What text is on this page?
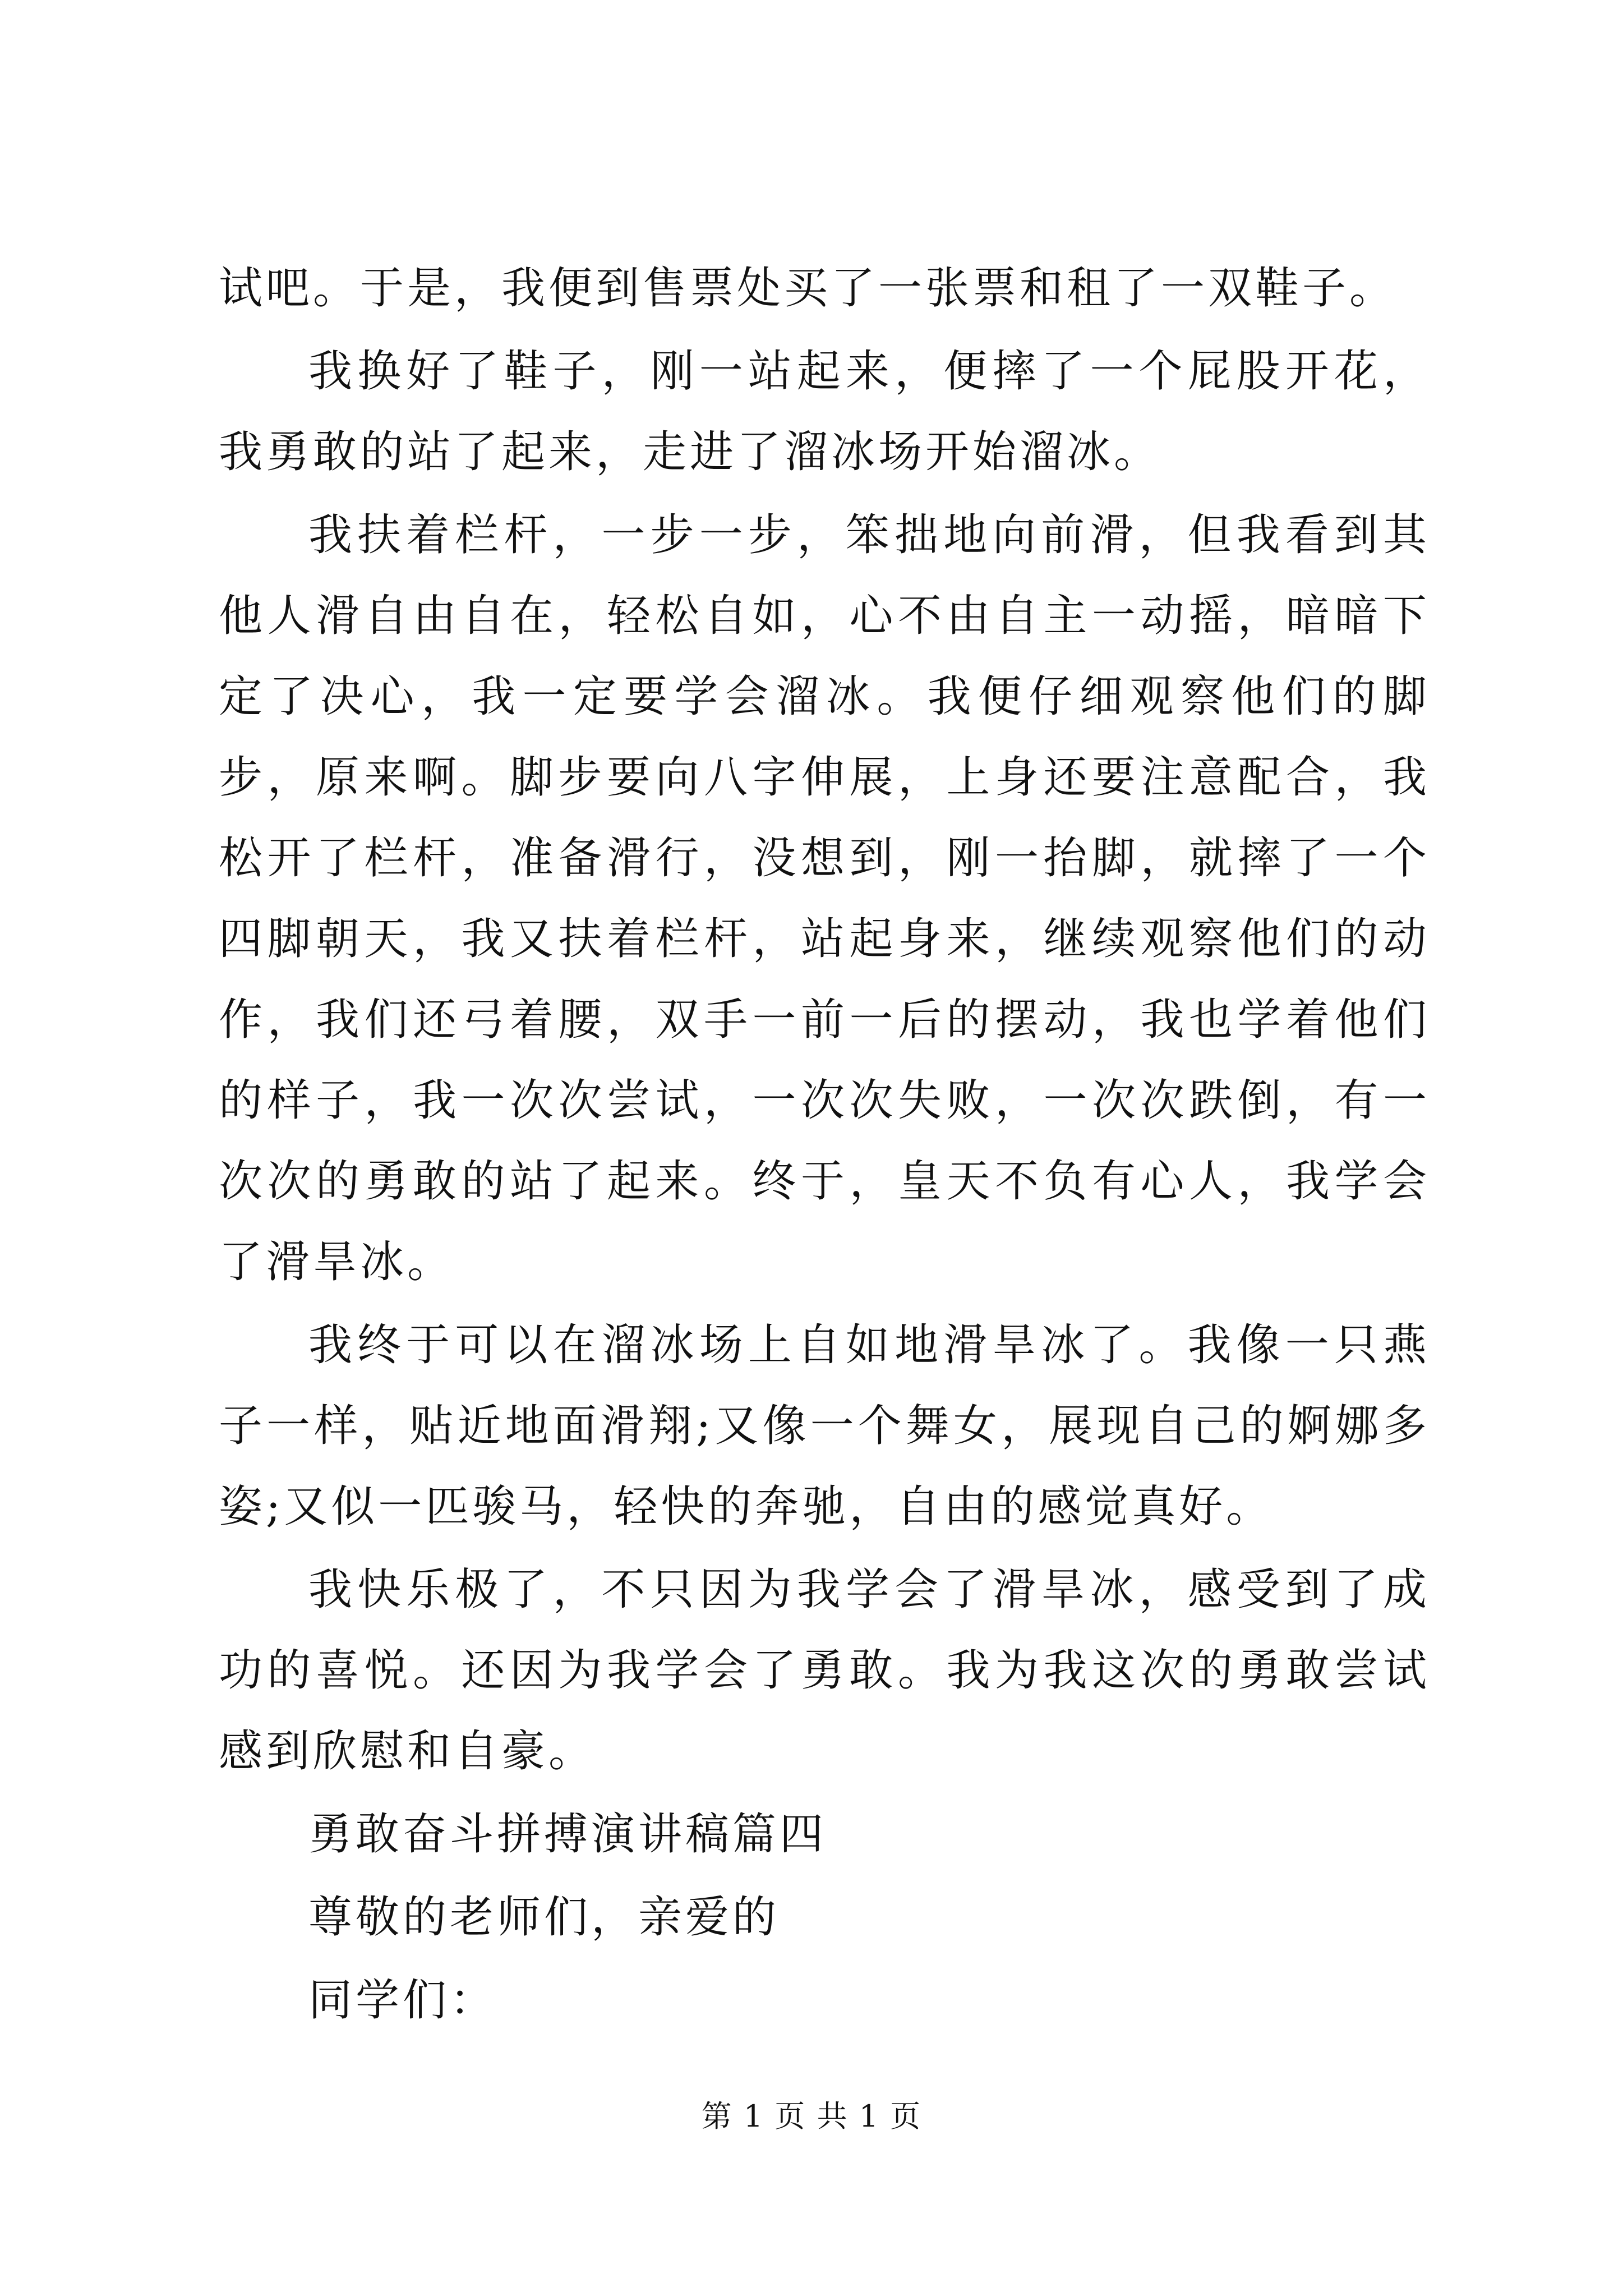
试吧。于是，我便到售票处买了一张票和租了一双鞋子。

我换好了鞋子，刚一站起来，便摔了一个屁股开花，我勇敢的站了起来，走进了溜冰场开始溜冰。

我扶着栏杆，一步一步，笨拙地向前滑，但我看到其他人滑自由自在，轻松自如，心不由自主一动摇，暗暗下定了决心，我一定要学会溜冰。我便仔细观察他们的脚步，原来啊。脚步要向八字伸展，上身还要注意配合，我松开了栏杆，准备滑行，没想到，刚一抬脚，就摔了一个四脚朝天，我又扶着栏杆，站起身来，继续观察他们的动作，我们还弓着腰，双手一前一后的摆动，我也学着他们的样子，我一次次尝试，一次次失败，一次次跌倒，有一次次的勇敢的站了起来。终于，皇天不负有心人，我学会了滑旱冰。

我终于可以在溜冰场上自如地滑旱冰了。我像一只燕子一样，贴近地面滑翔;又像一个舞女，展现自己的婀娜多姿;又似一匹骏马，轻快的奔驰，自由的感觉真好。

我快乐极了，不只因为我学会了滑旱冰，感受到了成功的喜悦。还因为我学会了勇敢。我为我这次的勇敢尝试感到欣慰和自豪。

勇敢奋斗拼搏演讲稿篇四

尊敬的老师们，亲爱的

同学们：

第 1 页 共 1 页
